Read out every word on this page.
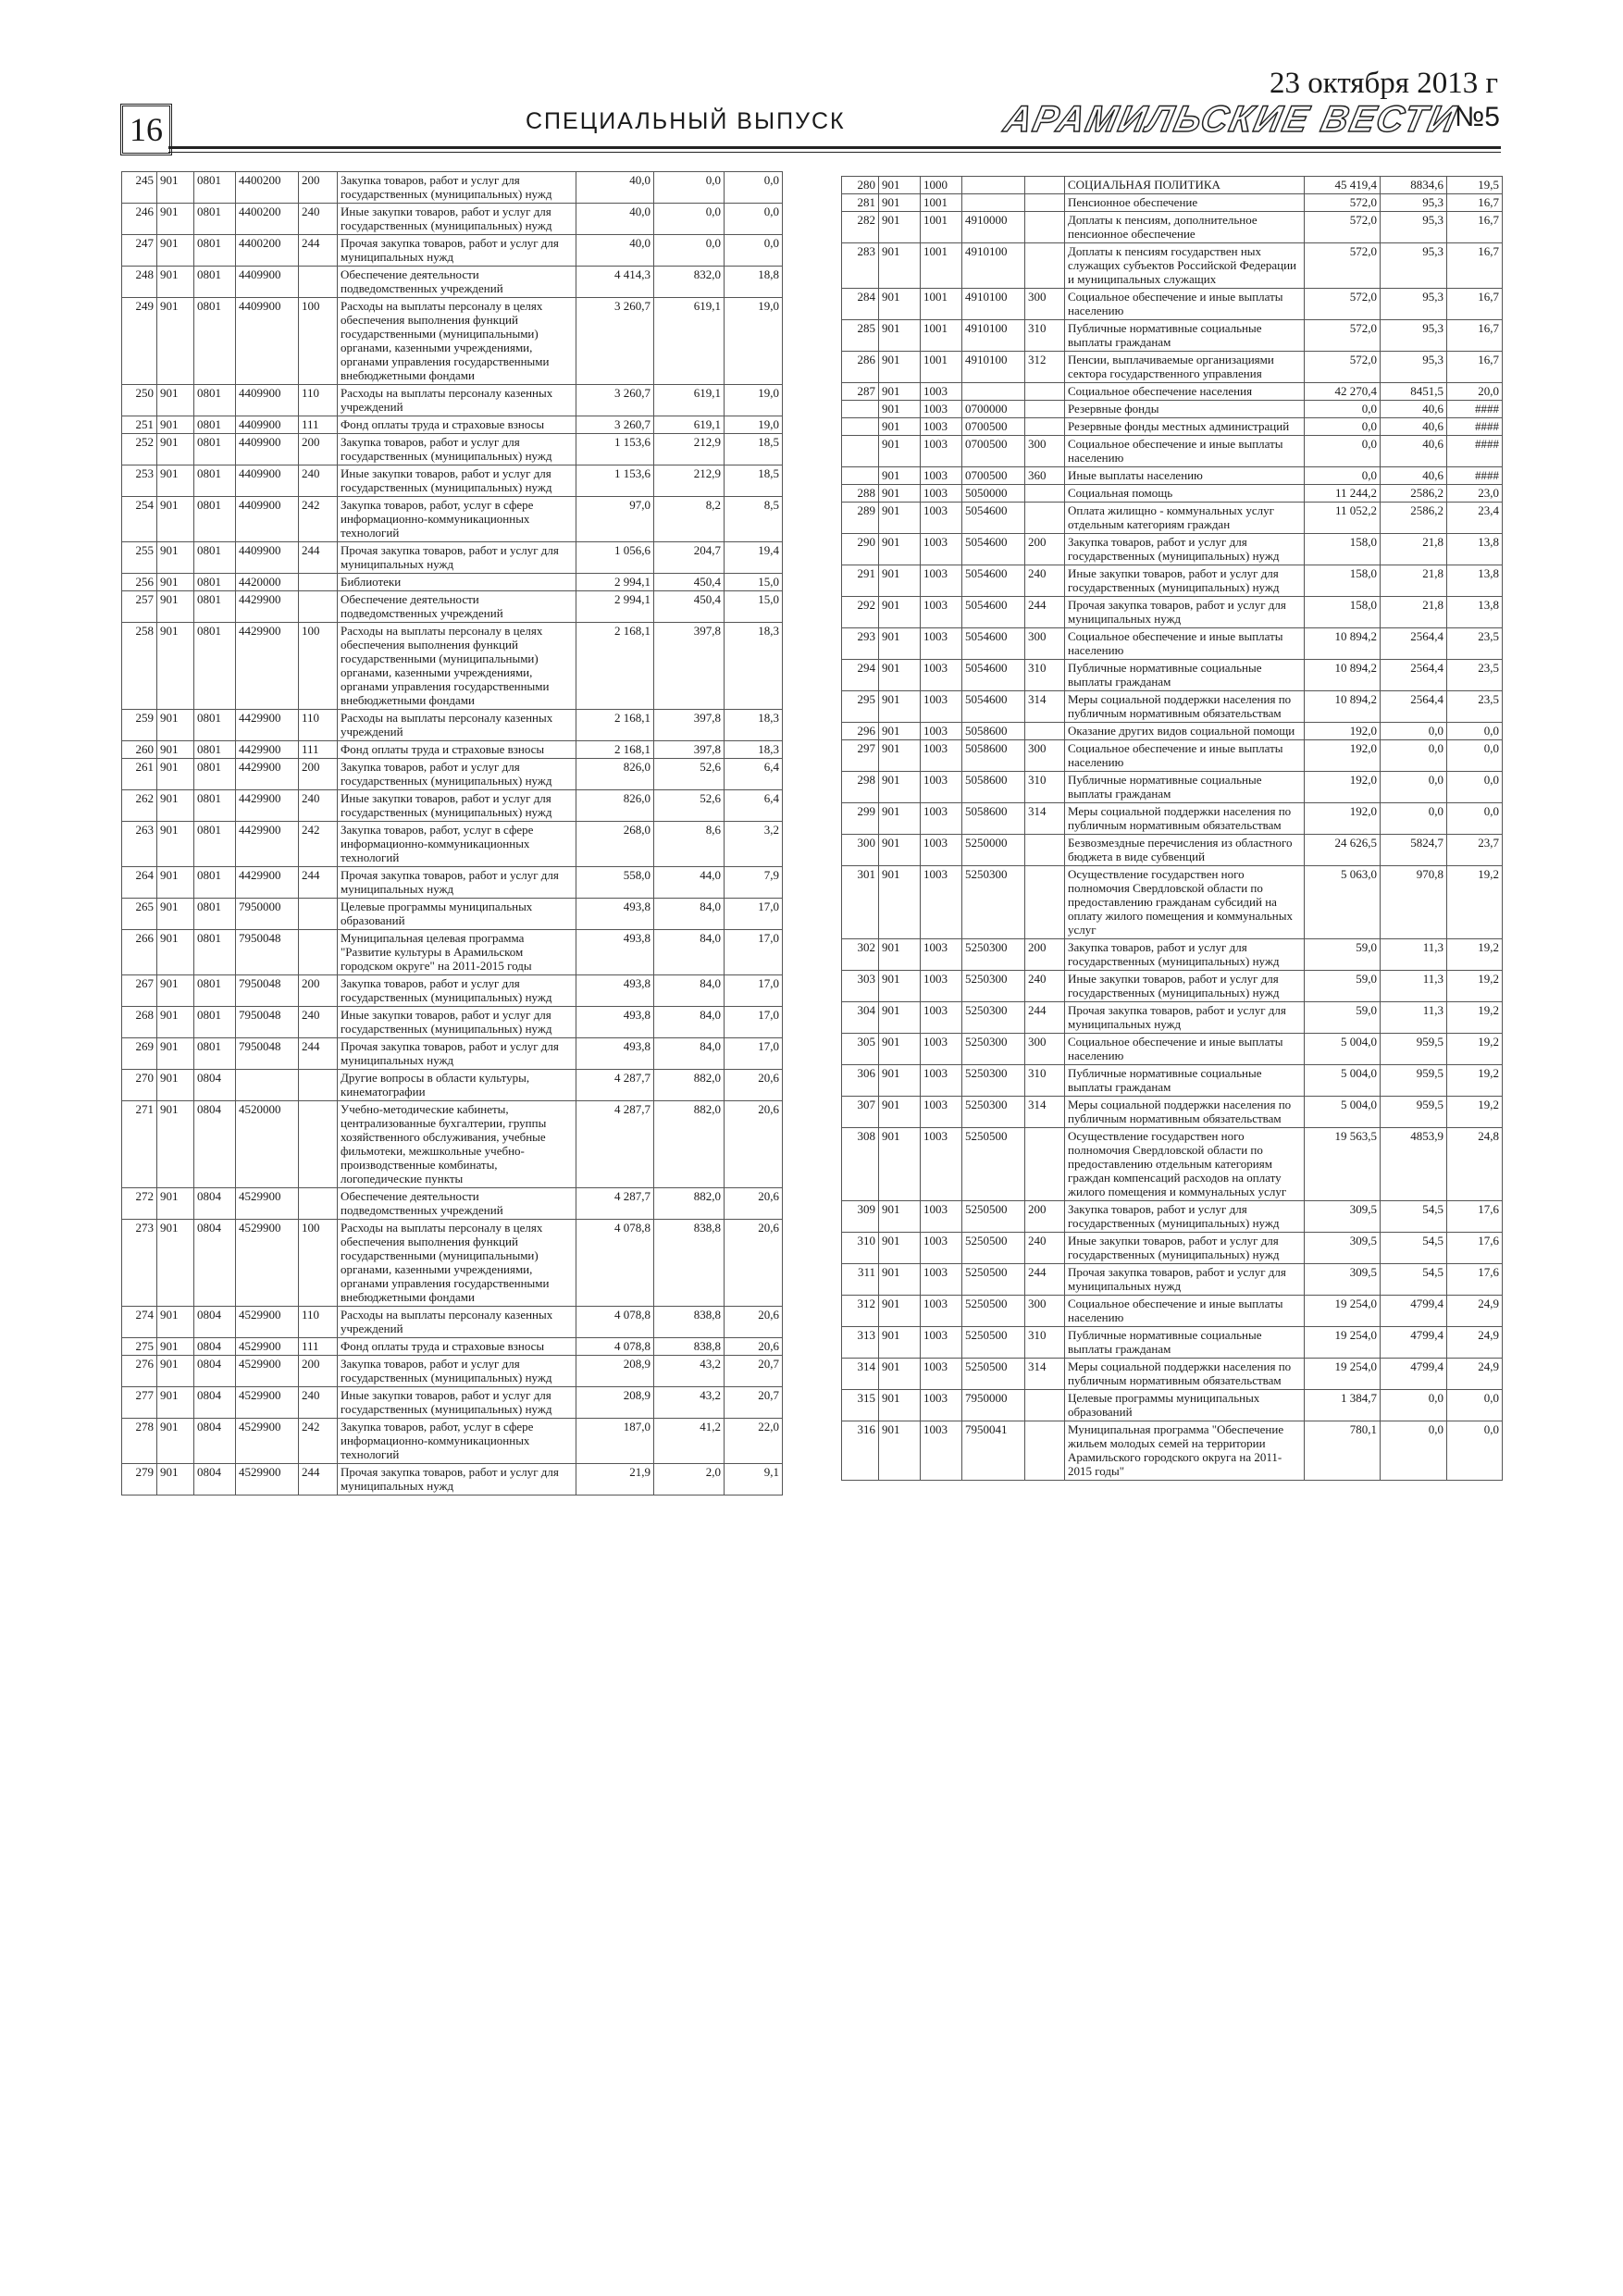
16	СПЕЦИАЛЬНЫЙ ВЫПУСК
23 октября 2013 г
АРАМИЛЬСКИЕ ВЕСТИ
№5
245	901	0801	4400200	200	Закупка товаров, работ и услуг для государственных (муниципальных) нужд	40,0	0,0	0,0
246	901	0801	4400200	240	Иные закупки товаров, работ и услуг для государственных (муниципальных) нужд	40,0	0,0	0,0
247	901	0801	4400200	244	Прочая закупка товаров, работ и услуг для муниципальных нужд	40,0	0,0	0,0
248	901	0801	4409900		Обеспечение деятельности подведомственных учреждений	4 414,3	832,0	18,8
249	901	0801	4409900	100	Расходы на выплаты персоналу в целях обеспечения выполнения функций государственными (муниципальными) органами, казенными учреждениями, органами управления государственными внебюджетными фондами	3 260,7	619,1	19,0
250	901	0801	4409900	110	Расходы на выплаты персоналу казенных учреждений	3 260,7	619,1	19,0
251	901	0801	4409900	111	Фонд оплаты труда и страховые взносы	3 260,7	619,1	19,0
252	901	0801	4409900	200	Закупка товаров, работ и услуг для государственных (муниципальных) нужд	1 153,6	212,9	18,5
253	901	0801	4409900	240	Иные закупки товаров, работ и услуг для государственных (муниципальных) нужд	1 153,6	212,9	18,5
254	901	0801	4409900	242	Закупка товаров, работ, услуг в сфере информационно-коммуникационных технологий	97,0	8,2	8,5
255	901	0801	4409900	244	Прочая закупка товаров, работ и услуг для муниципальных нужд	1 056,6	204,7	19,4
256	901	0801	4420000		Библиотеки	2 994,1	450,4	15,0
257	901	0801	4429900		Обеспечение деятельности подведомственных учреждений	2 994,1	450,4	15,0
258	901	0801	4429900	100	Расходы на выплаты персоналу в целях обеспечения выполнения функций государственными (муниципальными) органами, казенными учреждениями, органами управления государственными внебюджетными фондами	2 168,1	397,8	18,3
259	901	0801	4429900	110	Расходы на выплаты персоналу казенных учреждений	2 168,1	397,8	18,3
260	901	0801	4429900	111	Фонд оплаты труда и страховые взносы	2 168,1	397,8	18,3
261	901	0801	4429900	200	Закупка товаров, работ и услуг для государственных (муниципальных) нужд	826,0	52,6	6,4
262	901	0801	4429900	240	Иные закупки товаров, работ и услуг для государственных (муниципальных) нужд	826,0	52,6	6,4
263	901	0801	4429900	242	Закупка товаров, работ, услуг в сфере информационно-коммуникационных технологий	268,0	8,6	3,2
264	901	0801	4429900	244	Прочая закупка товаров, работ и услуг для муниципальных нужд	558,0	44,0	7,9
265	901	0801	7950000		Целевые программы муниципальных образований	493,8	84,0	17,0
266	901	0801	7950048		Муниципальная целевая программа "Развитие культуры в Арамильском городском округе" на 2011-2015 годы	493,8	84,0	17,0
267	901	0801	7950048	200	Закупка товаров, работ и услуг для государственных (муниципальных) нужд	493,8	84,0	17,0
268	901	0801	7950048	240	Иные закупки товаров, работ и услуг для государственных (муниципальных) нужд	493,8	84,0	17,0
269	901	0801	7950048	244	Прочая закупка товаров, работ и услуг для муниципальных нужд	493,8	84,0	17,0
270	901	0804			Другие вопросы в области культуры, кинематографии	4 287,7	882,0	20,6
271	901	0804	4520000		Учебно-методические кабинеты, централизованные бухгалтерии, группы хозяйственного обслуживания, учебные фильмотеки, межшкольные учебно-производственные комбинаты, логопедические пункты	4 287,7	882,0	20,6
272	901	0804	4529900		Обеспечение деятельности подведомственных учреждений	4 287,7	882,0	20,6
273	901	0804	4529900	100	Расходы на выплаты персоналу в целях обеспечения выполнения функций государственными (муниципальными) органами, казенными учреждениями, органами управления государственными внебюджетными фондами	4 078,8	838,8	20,6
274	901	0804	4529900	110	Расходы на выплаты персоналу казенных учреждений	4 078,8	838,8	20,6
275	901	0804	4529900	111	Фонд оплаты труда и страховые взносы	4 078,8	838,8	20,6
276	901	0804	4529900	200	Закупка товаров, работ и услуг для государственных (муниципальных) нужд	208,9	43,2	20,7
277	901	0804	4529900	240	Иные закупки товаров, работ и услуг для государственных (муниципальных) нужд	208,9	43,2	20,7
278	901	0804	4529900	242	Закупка товаров, работ, услуг в сфере информационно-коммуникационных технологий	187,0	41,2	22,0
279	901	0804	4529900	244	Прочая закупка товаров, работ и услуг для муниципальных нужд	21,9	2,0	9,1
280	901	1000			СОЦИАЛЬНАЯ ПОЛИТИКА	45 419,4	8834,6	19,5
281	901	1001			Пенсионное обеспечение	572,0	95,3	16,7
282	901	1001	4910000		Доплаты к пенсиям, дополнительное пенсионное обеспечение	572,0	95,3	16,7
283	901	1001	4910100		Доплаты к пенсиям государствен ных служащих субъектов Российской Федерации и муниципальных служащих	572,0	95,3	16,7
284	901	1001	4910100	300	Социальное обеспечение и иные выплаты населению	572,0	95,3	16,7
285	901	1001	4910100	310	Публичные нормативные социальные выплаты гражданам	572,0	95,3	16,7
286	901	1001	4910100	312	Пенсии, выплачиваемые организациями сектора государственного управления	572,0	95,3	16,7
287	901	1003			Социальное обеспечение населения	42 270,4	8451,5	20,0
	901	1003	0700000		Резервные фонды	0,0	40,6	####
	901	1003	0700500		Резервные фонды местных администраций	0,0	40,6	####
	901	1003	0700500	300	Социальное обеспечение и иные выплаты населению	0,0	40,6	####
	901	1003	0700500	360	Иные выплаты населению	0,0	40,6	####
288	901	1003	5050000		Социальная помощь	11 244,2	2586,2	23,0
289	901	1003	5054600		Оплата жилищно - коммунальных услуг отдельным категориям граждан	11 052,2	2586,2	23,4
290	901	1003	5054600	200	Закупка товаров, работ и услуг для государственных (муниципальных) нужд	158,0	21,8	13,8
291	901	1003	5054600	240	Иные закупки товаров, работ и услуг для государственных (муниципальных) нужд	158,0	21,8	13,8
292	901	1003	5054600	244	Прочая закупка товаров, работ и услуг для муниципальных нужд	158,0	21,8	13,8
293	901	1003	5054600	300	Социальное обеспечение и иные выплаты населению	10 894,2	2564,4	23,5
294	901	1003	5054600	310	Публичные нормативные социальные выплаты гражданам	10 894,2	2564,4	23,5
295	901	1003	5054600	314	Меры социальной поддержки населения по публичным нормативным обязательствам	10 894,2	2564,4	23,5
296	901	1003	5058600		Оказание других видов социальной помощи	192,0	0,0	0,0
297	901	1003	5058600	300	Социальное обеспечение и иные выплаты населению	192,0	0,0	0,0
298	901	1003	5058600	310	Публичные нормативные социальные выплаты гражданам	192,0	0,0	0,0
299	901	1003	5058600	314	Меры социальной поддержки населения по публичным нормативным обязательствам	192,0	0,0	0,0
300	901	1003	5250000		Безвозмездные перечисления из областного бюджета в виде субвенций	24 626,5	5824,7	23,7
301	901	1003	5250300		Осуществление государствен ного полномочия Свердловской области по предоставлению гражданам субсидий на оплату жилого помещения и коммунальных услуг	5 063,0	970,8	19,2
302	901	1003	5250300	200	Закупка товаров, работ и услуг для государственных (муниципальных) нужд	59,0	11,3	19,2
303	901	1003	5250300	240	Иные закупки товаров, работ и услуг для государственных (муниципальных) нужд	59,0	11,3	19,2
304	901	1003	5250300	244	Прочая закупка товаров, работ и услуг для муниципальных нужд	59,0	11,3	19,2
305	901	1003	5250300	300	Социальное обеспечение и иные выплаты населению	5 004,0	959,5	19,2
306	901	1003	5250300	310	Публичные нормативные социальные выплаты гражданам	5 004,0	959,5	19,2
307	901	1003	5250300	314	Меры социальной поддержки населения по публичным нормативным обязательствам	5 004,0	959,5	19,2
308	901	1003	5250500		Осуществление государствен ного полномочия Свердловской области по предоставлению отдельным категориям граждан компенсаций расходов на оплату жилого помещения и коммунальных услуг	19 563,5	4853,9	24,8
309	901	1003	5250500	200	Закупка товаров, работ и услуг для государственных (муниципальных) нужд	309,5	54,5	17,6
310	901	1003	5250500	240	Иные закупки товаров, работ и услуг для государственных (муниципальных) нужд	309,5	54,5	17,6
311	901	1003	5250500	244	Прочая закупка товаров, работ и услуг для муниципальных нужд	309,5	54,5	17,6
312	901	1003	5250500	300	Социальное обеспечение и иные выплаты населению	19 254,0	4799,4	24,9
313	901	1003	5250500	310	Публичные нормативные социальные выплаты гражданам	19 254,0	4799,4	24,9
314	901	1003	5250500	314	Меры социальной поддержки населения по публичным нормативным обязательствам	19 254,0	4799,4	24,9
315	901	1003	7950000		Целевые программы муниципальных образований	1 384,7	0,0	0,0
316	901	1003	7950041		Муниципальная программа "Обеспечение жильем молодых семей на территории Арамильского городского округа на 2011-2015 годы"	780,1	0,0	0,0
